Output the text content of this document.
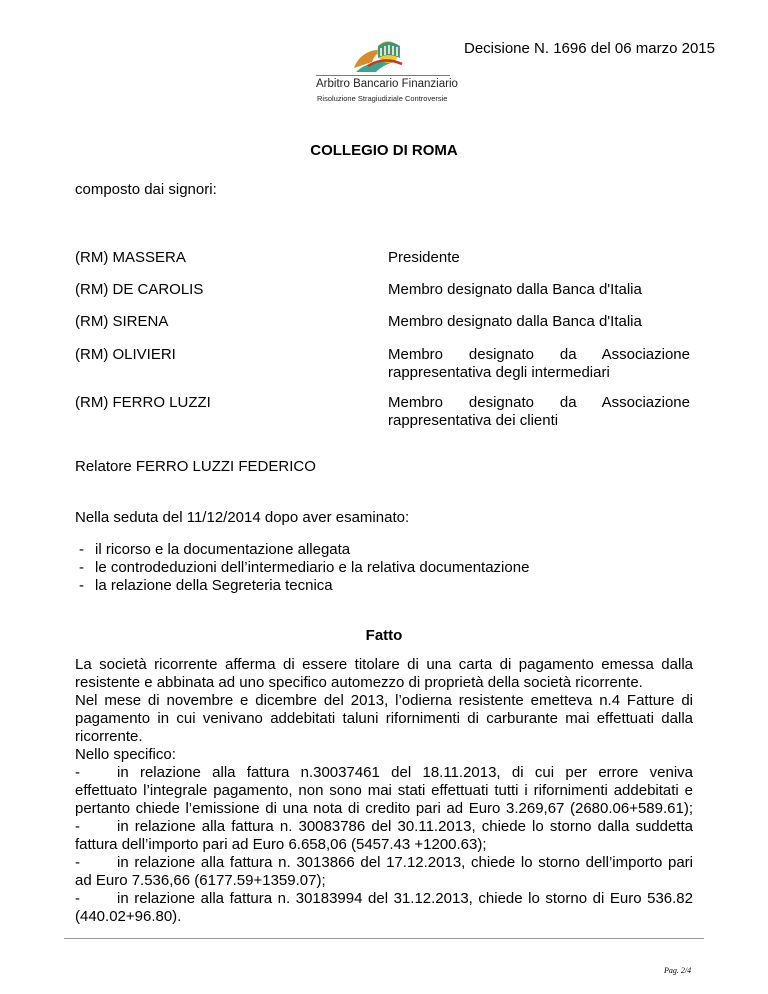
Decisione N. 1696 del 06 marzo 2015
Arbitro Bancario Finanziario
Risoluzione Stragiudiziale Controversie
COLLEGIO DI ROMA
composto dai signori:
(RM) MASSERA	Presidente
(RM) DE CAROLIS	Membro designato dalla Banca d'Italia
(RM) SIRENA	Membro designato dalla Banca d'Italia
(RM) OLIVIERI	Membro designato da Associazione
rappresentativa degli intermediari
(RM) FERRO LUZZI	Membro designato da Associazione
rappresentativa dei clienti
Relatore FERRO LUZZI FEDERICO
Nella seduta del 11/12/2014 dopo aver esaminato:
- il ricorso e la documentazione allegata
- le controdeduzioni dell’intermediario e la relativa documentazione
- la relazione della Segreteria tecnica
Fatto
La società ricorrente afferma di essere titolare di una carta di pagamento emessa dalla
resistente e abbinata ad uno specifico automezzo di proprietà della società ricorrente.
Nel mese di novembre e dicembre del 2013, l’odierna resistente emetteva n.4 Fatture di
pagamento in cui venivano addebitati taluni rifornimenti di carburante mai effettuati dalla
ricorrente.
Nello specifico:
- in relazione alla fattura n.30037461 del 18.11.2013, di cui per errore veniva
effettuato l’integrale pagamento, non sono mai stati effettuati tutti i rifornimenti addebitati e
pertanto chiede l’emissione di una nota di credito pari ad Euro 3.269,67 (2680.06+589.61);
- in relazione alla fattura n. 30083786 del 30.11.2013, chiede lo storno dalla suddetta
fattura dell’importo pari ad Euro 6.658,06 (5457.43 +1200.63);
- in relazione alla fattura n. 3013866 del 17.12.2013, chiede lo storno dell’importo pari
ad Euro 7.536,66 (6177.59+1359.07);
- in relazione alla fattura n. 30183994 del 31.12.2013, chiede lo storno di Euro 536.82
(440.02+96.80).
Pag. 2/4
